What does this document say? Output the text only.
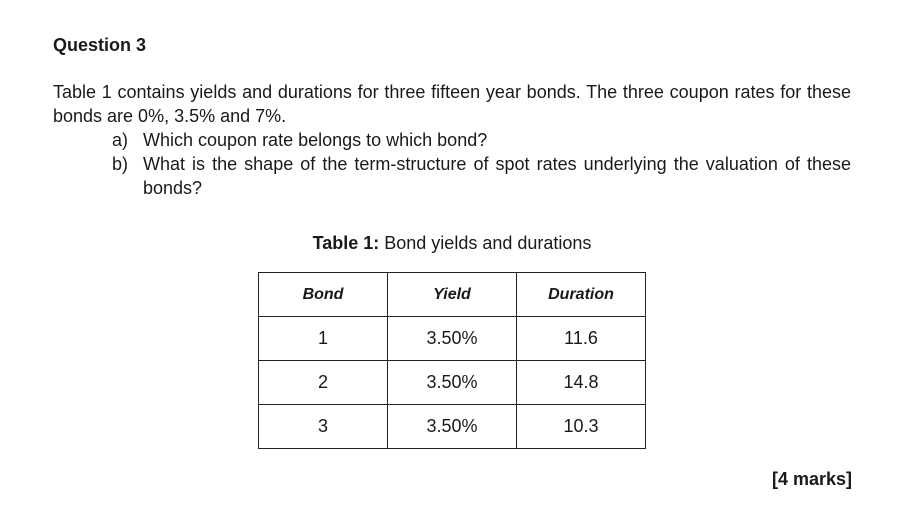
Question 3
Table 1 contains yields and durations for three fifteen year bonds. The three coupon rates for these bonds are 0%, 3.5% and 7%.
a) Which coupon rate belongs to which bond?
b) What is the shape of the term-structure of spot rates underlying the valuation of these bonds?
Table 1: Bond yields and durations
Bond	Yield	Duration
1	3.50%	11.6
2	3.50%	14.8
3	3.50%	10.3
[4 marks]
